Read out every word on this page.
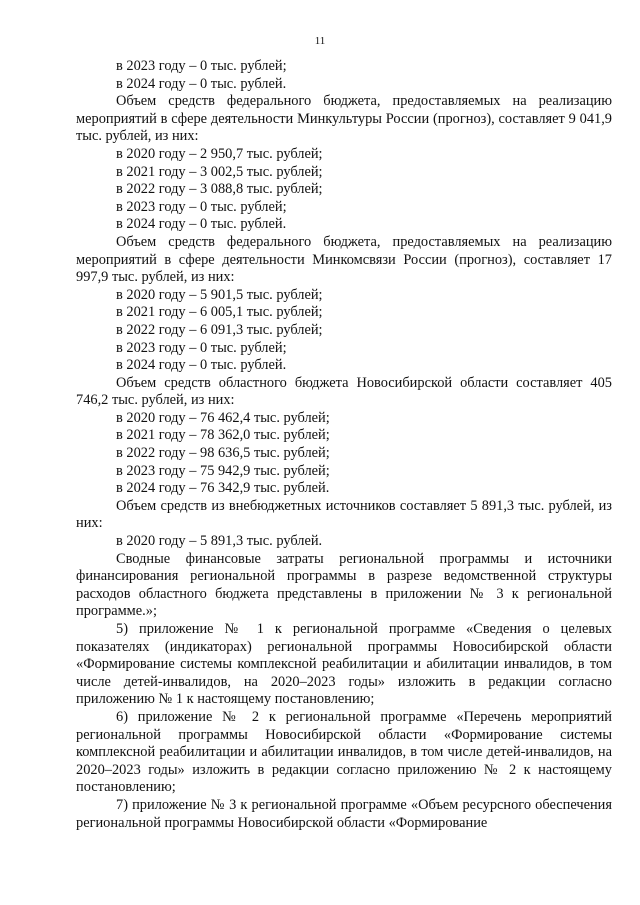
11

в 2023 году – 0 тыс. рублей;

в 2024 году – 0 тыс. рублей.

Объем средств федерального бюджета, предоставляемых на реализацию мероприятий в сфере деятельности Минкультуры России (прогноз), составляет 9 041,9 тыс. рублей, из них:

в 2020 году – 2 950,7 тыс. рублей;

в 2021 году – 3 002,5 тыс. рублей;

в 2022 году – 3 088,8 тыс. рублей;

в 2023 году – 0 тыс. рублей;

в 2024 году – 0 тыс. рублей.

Объем средств федерального бюджета, предоставляемых на реализацию мероприятий в сфере деятельности Минкомсвязи России (прогноз), составляет 17 997,9 тыс. рублей, из них:

в 2020 году – 5 901,5 тыс. рублей;

в 2021 году – 6 005,1 тыс. рублей;

в 2022 году – 6 091,3 тыс. рублей;

в 2023 году – 0 тыс. рублей;

в 2024 году – 0 тыс. рублей.

Объем средств областного бюджета Новосибирской области составляет 405 746,2 тыс. рублей, из них:

в 2020 году – 76 462,4 тыс. рублей;

в 2021 году – 78 362,0 тыс. рублей;

в 2022 году – 98 636,5 тыс. рублей;

в 2023 году – 75 942,9 тыс. рублей;

в 2024 году – 76 342,9 тыс. рублей.

Объем средств из внебюджетных источников составляет 5 891,3 тыс. рублей, из них:

в 2020 году – 5 891,3 тыс. рублей.

Сводные финансовые затраты региональной программы и источники финансирования региональной программы в разрезе ведомственной структуры расходов областного бюджета представлены в приложении № 3 к региональной программе.»;

5) приложение № 1 к региональной программе «Сведения о целевых показателях (индикаторах) региональной программы Новосибирской области «Формирование системы комплексной реабилитации и абилитации инвалидов, в том числе детей-инвалидов, на 2020–2023 годы» изложить в редакции согласно приложению № 1 к настоящему постановлению;

6) приложение № 2 к региональной программе «Перечень мероприятий региональной программы Новосибирской области «Формирование системы комплексной реабилитации и абилитации инвалидов, в том числе детей-инвалидов, на 2020–2023 годы» изложить в редакции согласно приложению № 2 к настоящему постановлению;

7) приложение № 3 к региональной программе «Объем ресурсного обеспечения региональной программы Новосибирской области «Формирование
